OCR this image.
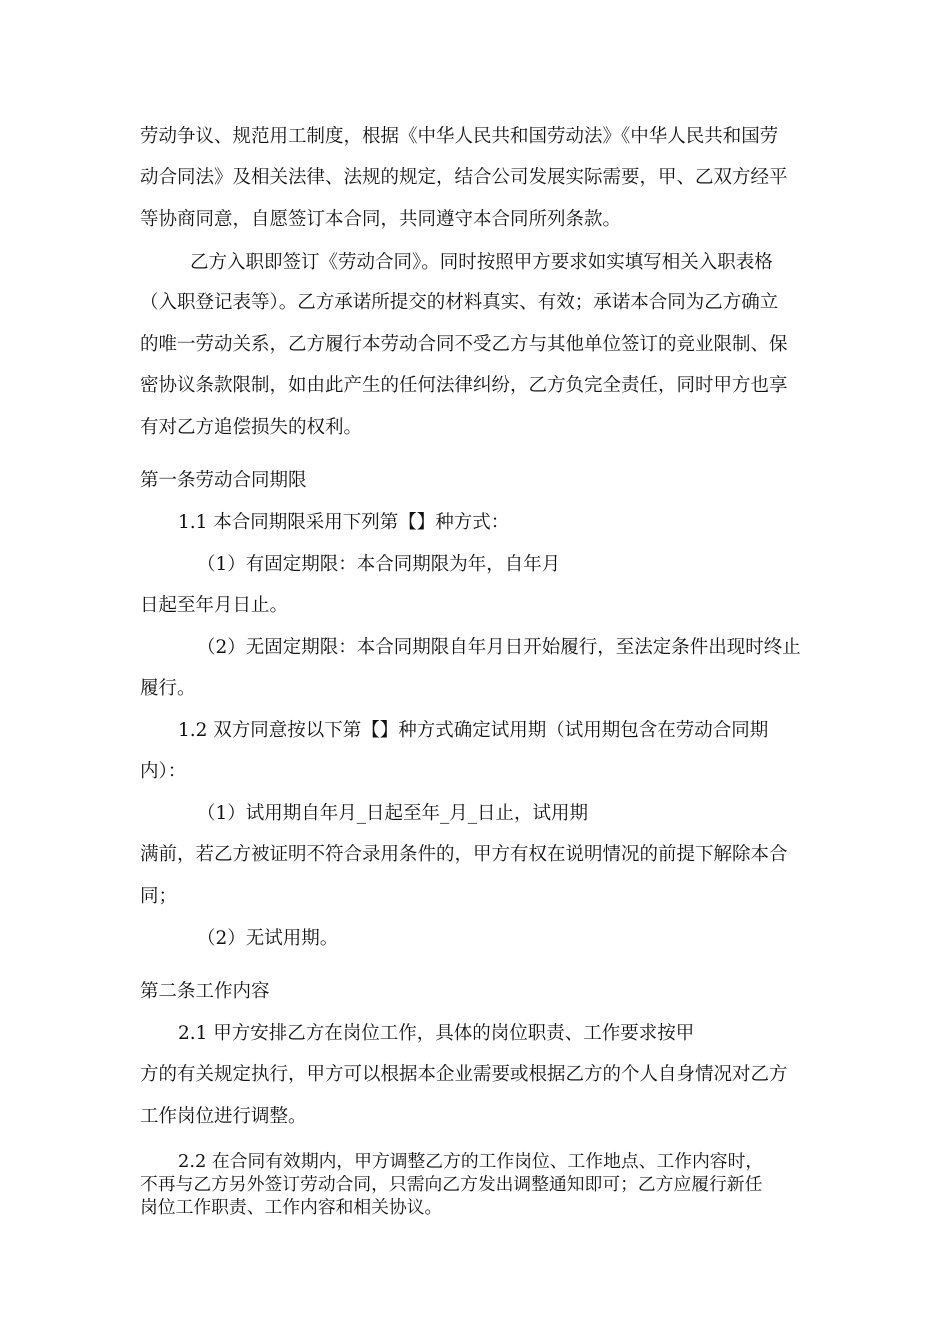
劳动争议、规范用工制度，根据《中华人民共和国劳动法》《中华人民共和国劳

动合同法》及相关法律、法规的规定，结合公司发展实际需要，甲、乙双方经平

等协商同意，自愿签订本合同，共同遵守本合同所列条款。

乙方入职即签订《劳动合同》。同时按照甲方要求如实填写相关入职表格

（入职登记表等）。乙方承诺所提交的材料真实、有效；承诺本合同为乙方确立

的唯一劳动关系，乙方履行本劳动合同不受乙方与其他单位签订的竞业限制、保

密协议条款限制，如由此产生的任何法律纠纷，乙方负完全责任，同时甲方也享

有对乙方追偿损失的权利。

第一条劳动合同期限

1.1 本合同期限采用下列第【】种方式：

（1）有固定期限：本合同期限为年，自年月

日起至年月日止。

（2）无固定期限：本合同期限自年月日开始履行，至法定条件出现时终止

履行。

1.2 双方同意按以下第【】种方式确定试用期（试用期包含在劳动合同期

内）：

（1）试用期自年月_日起至年_月_日止，试用期

满前，若乙方被证明不符合录用条件的，甲方有权在说明情况的前提下解除本合

同；

（2）无试用期。

第二条工作内容

2.1 甲方安排乙方在岗位工作，具体的岗位职责、工作要求按甲

方的有关规定执行，甲方可以根据本企业需要或根据乙方的个人自身情况对乙方

工作岗位进行调整。

2.2 在合同有效期内，甲方调整乙方的工作岗位、工作地点、工作内容时，

不再与乙方另外签订劳动合同，只需向乙方发出调整通知即可；乙方应履行新任

岗位工作职责、工作内容和相关协议。
